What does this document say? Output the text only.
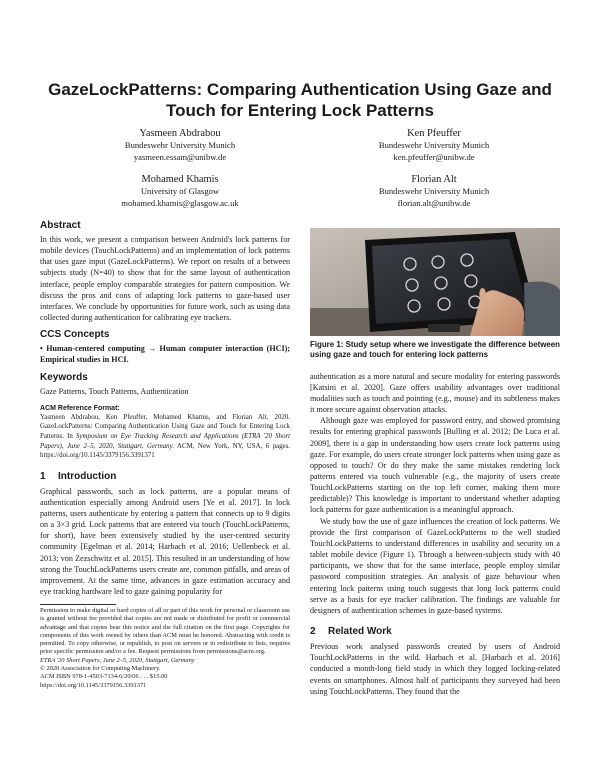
GazeLockPatterns: Comparing Authentication Using Gaze and
Touch for Entering Lock Patterns
Yasmeen Abdrabou
Bundeswehr University Munich
yasmeen.essam@unibw.de
Ken Pfeuffer
Bundeswehr University Munich
ken.pfeuffer@unibw.de
Mohamed Khamis
University of Glasgow
mohamed.khamis@glasgow.ac.uk
Florian Alt
Bundeswehr University Munich
florian.alt@unibw.de
Abstract

In this work, we present a comparison between Android's lock patterns for mobile devices (TouchLockPatterns) and an implementation of lock patterns that uses gaze input (GazeLockPatterns). We report on results of a between subjects study (N=40) to show that for the same layout of authentication interface, people employ comparable strategies for pattern composition. We discuss the pros and cons of adapting lock patterns to gaze-based user interfaces. We conclude by opportunities for future work, such as using data collected during authentication for calibrating eye trackers.

CCS Concepts

• Human-centered computing → Human computer interaction (HCI); Empirical studies in HCI.

Keywords

Gaze Patterns, Touch Patterns, Authentication

ACM Reference Format:

Yasmeen Abdrabou, Ken Pfeuffer, Mohamed Khamis, and Florian Alt. 2020. GazeLockPatterns: Comparing Authentication Using Gaze and Touch for Entering Lock Patterns. In Symposium on Eye Tracking Research and Applications (ETRA '20 Short Papers), June 2–5, 2020, Stuttgart, Germany. ACM, New York, NY, USA, 6 pages. https://doi.org/10.1145/3379156.3391371

1 Introduction

Graphical passwords, such as lock patterns, are a popular means of authentication especially among Android users [Ye et al. 2017]. In lock patterns, users authenticate by entering a pattern that connects up to 9 digits on a 3×3 grid. Lock patterns that are entered via touch (TouchLockPatterns, for short), have been extensively studied by the user-centred security community [Egelman et al. 2014; Harbach et al. 2016; Uellenbeck et al. 2013; von Zezschwitz et al. 2015]. This resulted in an understanding of how strong the TouchLockPatterns users create are, common pitfalls, and areas of improvement. At the same time, advances in gaze estimation accuracy and eye tracking hardware led to gaze gaining popularity for

Permission to make digital or hard copies of all or part of this work for personal or classroom use is granted without fee provided that copies are not made or distributed for profit or commercial advantage and that copies bear this notice and the full citation on the first page. Copyrights for components of this work owned by others than ACM must be honored. Abstracting with credit is permitted. To copy otherwise, or republish, to post on servers or to redistribute to lists, requires prior specific permission and/or a fee. Request permissions from permissions@acm.org.

ETRA '20 Short Papers, June 2–5, 2020, Stuttgart, Germany

© 2020 Association for Computing Machinery.

ACM ISBN 978-1-4503-7134-6/20/06 . . . $15.00

https://doi.org/10.1145/3379156.3391371

Figure 1: Study setup where we investigate the difference between using gaze and touch for entering lock patterns

authentication as a more natural and secure modality for entering passwords [Katsini et al. 2020]. Gaze offers usability advantages over traditional modalities such as touch and pointing (e.g., mouse) and its subtleness makes it more secure against observation attacks.

Although gaze was employed for password entry, and showed promising results for entering graphical passwords [Bulling et al. 2012; De Luca et al. 2009], there is a gap in understanding how users create lock patterns using gaze. For example, do users create stronger lock patterns when using gaze as opposed to touch? Or do they make the same mistakes rendering lock patterns entered via touch vulnerable (e.g., the majority of users create TouchLockPatterns starting on the top left corner, making them more predictable)? This knowledge is important to understand whether adapting lock patterns for gaze authentication is a meaningful approach.

We study how the use of gaze influences the creation of lock patterns. We provide the first comparison of GazeLockPatterns to the well studied TouchLockPatterns to understand differences in usability and security on a tablet mobile device (Figure 1). Through a between-subjects study with 40 participants, we show that for the same interface, people employ similar password composition strategies. An analysis of gaze behaviour when entering lock patterns using touch suggests that long lock patterns could serve as a basis for eye tracker calibration. The findings are valuable for designers of authentication schemes in gaze-based systems.

2 Related Work

Previous work analysed passwords created by users of Android TouchLockPatterns in the wild. Harbach et al. [Harbach et al. 2016] conducted a month-long field study in which they logged locking-related events on smartphones. Almost half of participants they surveyed had been using TouchLockPatterns. They found that the
